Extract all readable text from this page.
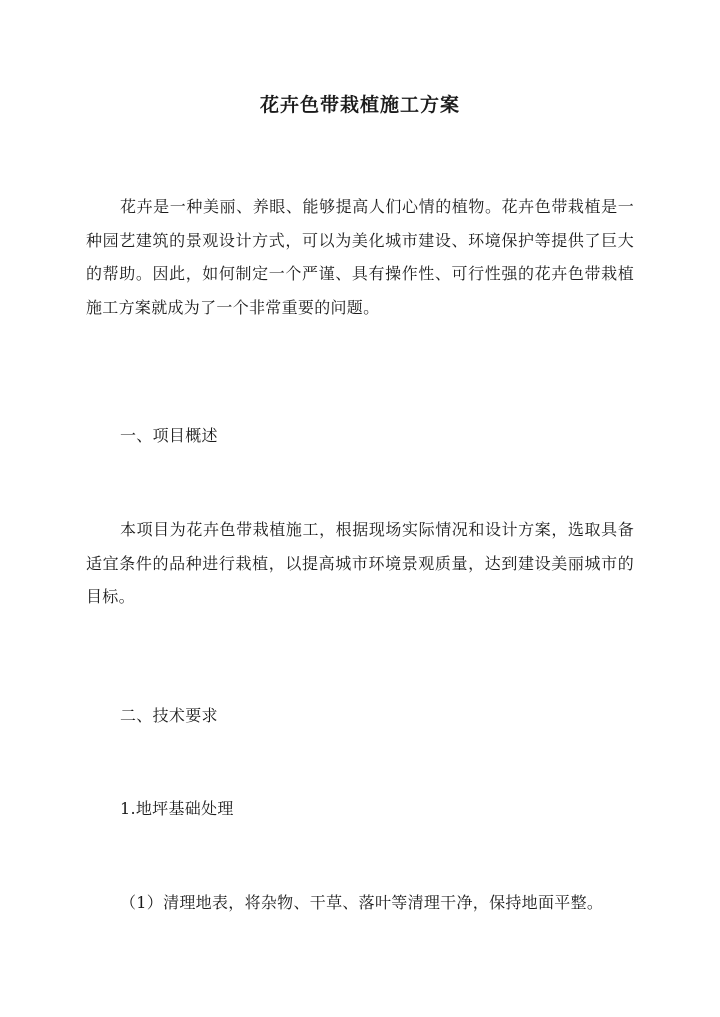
花卉色带栽植施工方案
花卉是一种美丽、养眼、能够提高人们心情的植物。花卉色带栽植是一种园艺建筑的景观设计方式，可以为美化城市建设、环境保护等提供了巨大的帮助。因此，如何制定一个严谨、具有操作性、可行性强的花卉色带栽植施工方案就成为了一个非常重要的问题。
一、项目概述
本项目为花卉色带栽植施工，根据现场实际情况和设计方案，选取具备适宜条件的品种进行栽植，以提高城市环境景观质量，达到建设美丽城市的目标。
二、技术要求
1.地坪基础处理
（1）清理地表，将杂物、干草、落叶等清理干净，保持地面平整。
